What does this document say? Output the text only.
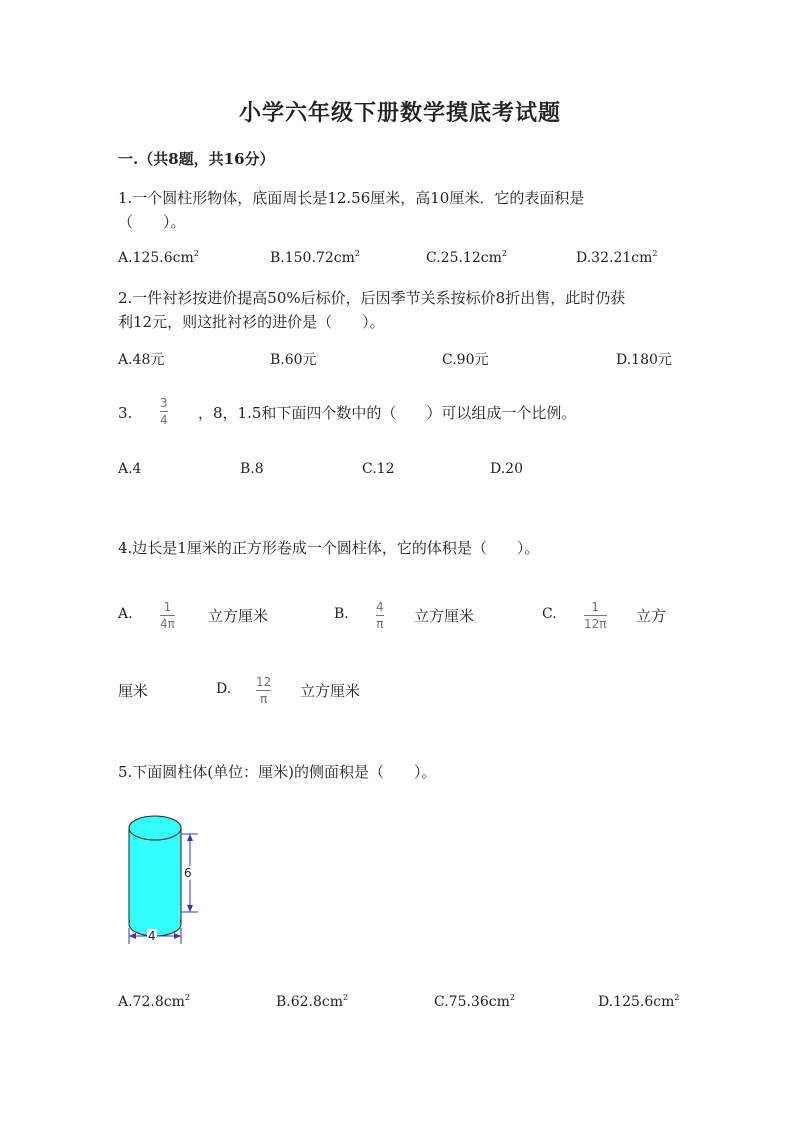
小学六年级下册数学摸底考试题
一.（共8题，共16分）
1.一个圆柱形物体，底面周长是12.56厘米，高10厘米．它的表面积是
（　　）。
$A.125.6cm^2$	$B.150.72cm^2$	$C.25.12cm^2$	$D.32.21cm^2$
2.一件衬衫按进价提高50%后标价，后因季节关系按标价8折出售，此时仍获
利12元，则这批衬衫的进价是（　　）。
A.48元	B.60元	C.90元	D.180元
3.
3
4 ，8，1.5和下面四个数中的（　　）可以组成一个比例。
A.4	B.8	C.12	D.20
4.边长是1厘米的正方形卷成一个圆柱体，它的体积是（　　）。
A.	1
4π 立方厘米	B. 4
π 立方厘米	C.	1
12π 立方
厘米	D. 12
π 立方厘米
5.下面圆柱体(单位：厘米)的侧面积是（　　）。
6
4
$A.72.8cm^2$	$B.62.8cm^2$	$C.75.36cm^2$	$D.125.6cm^2$
